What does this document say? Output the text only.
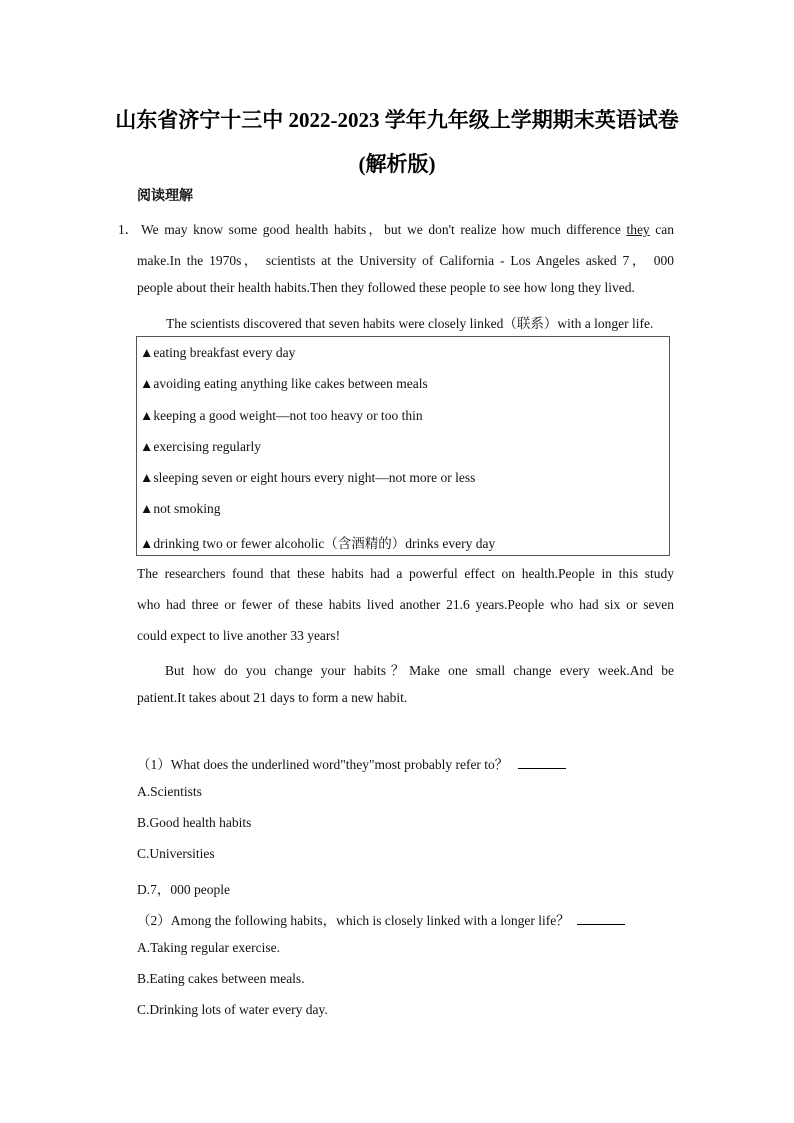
山东省济宁十三中 2022-2023 学年九年级上学期期末英语试卷
(解析版)
阅读理解
1． We may know some good health habits，but we don't realize how much difference they can
make.In the 1970s， scientists at the University of California - Los Angeles asked 7， 000
people about their health habits.Then they followed these people to see how long they lived.
The scientists discovered that seven habits were closely linked（联系）with a longer life.
▲eating breakfast every day
▲avoiding eating anything like cakes between meals
▲keeping a good weight—not too heavy or too thin
▲exercising regularly
▲sleeping seven or eight hours every night—not more or less
▲not smoking
▲drinking two or fewer alcoholic（含酒精的）drinks every day
The researchers found that these habits had a powerful effect on health.People in this study
who had three or fewer of these habits lived another 21.6 years.People who had six or seven
could expect to live another 33 years!
But how do you change your habits？Make one small change every week.And be
patient.It takes about 21 days to form a new habit.
（1）What does the underlined word"they"most probably refer to？
A.Scientists
B.Good health habits
C.Universities
D.7，000 people
（2）Among the following habits，which is closely linked with a longer life？
A.Taking regular exercise.
B.Eating cakes between meals.
C.Drinking lots of water every day.
